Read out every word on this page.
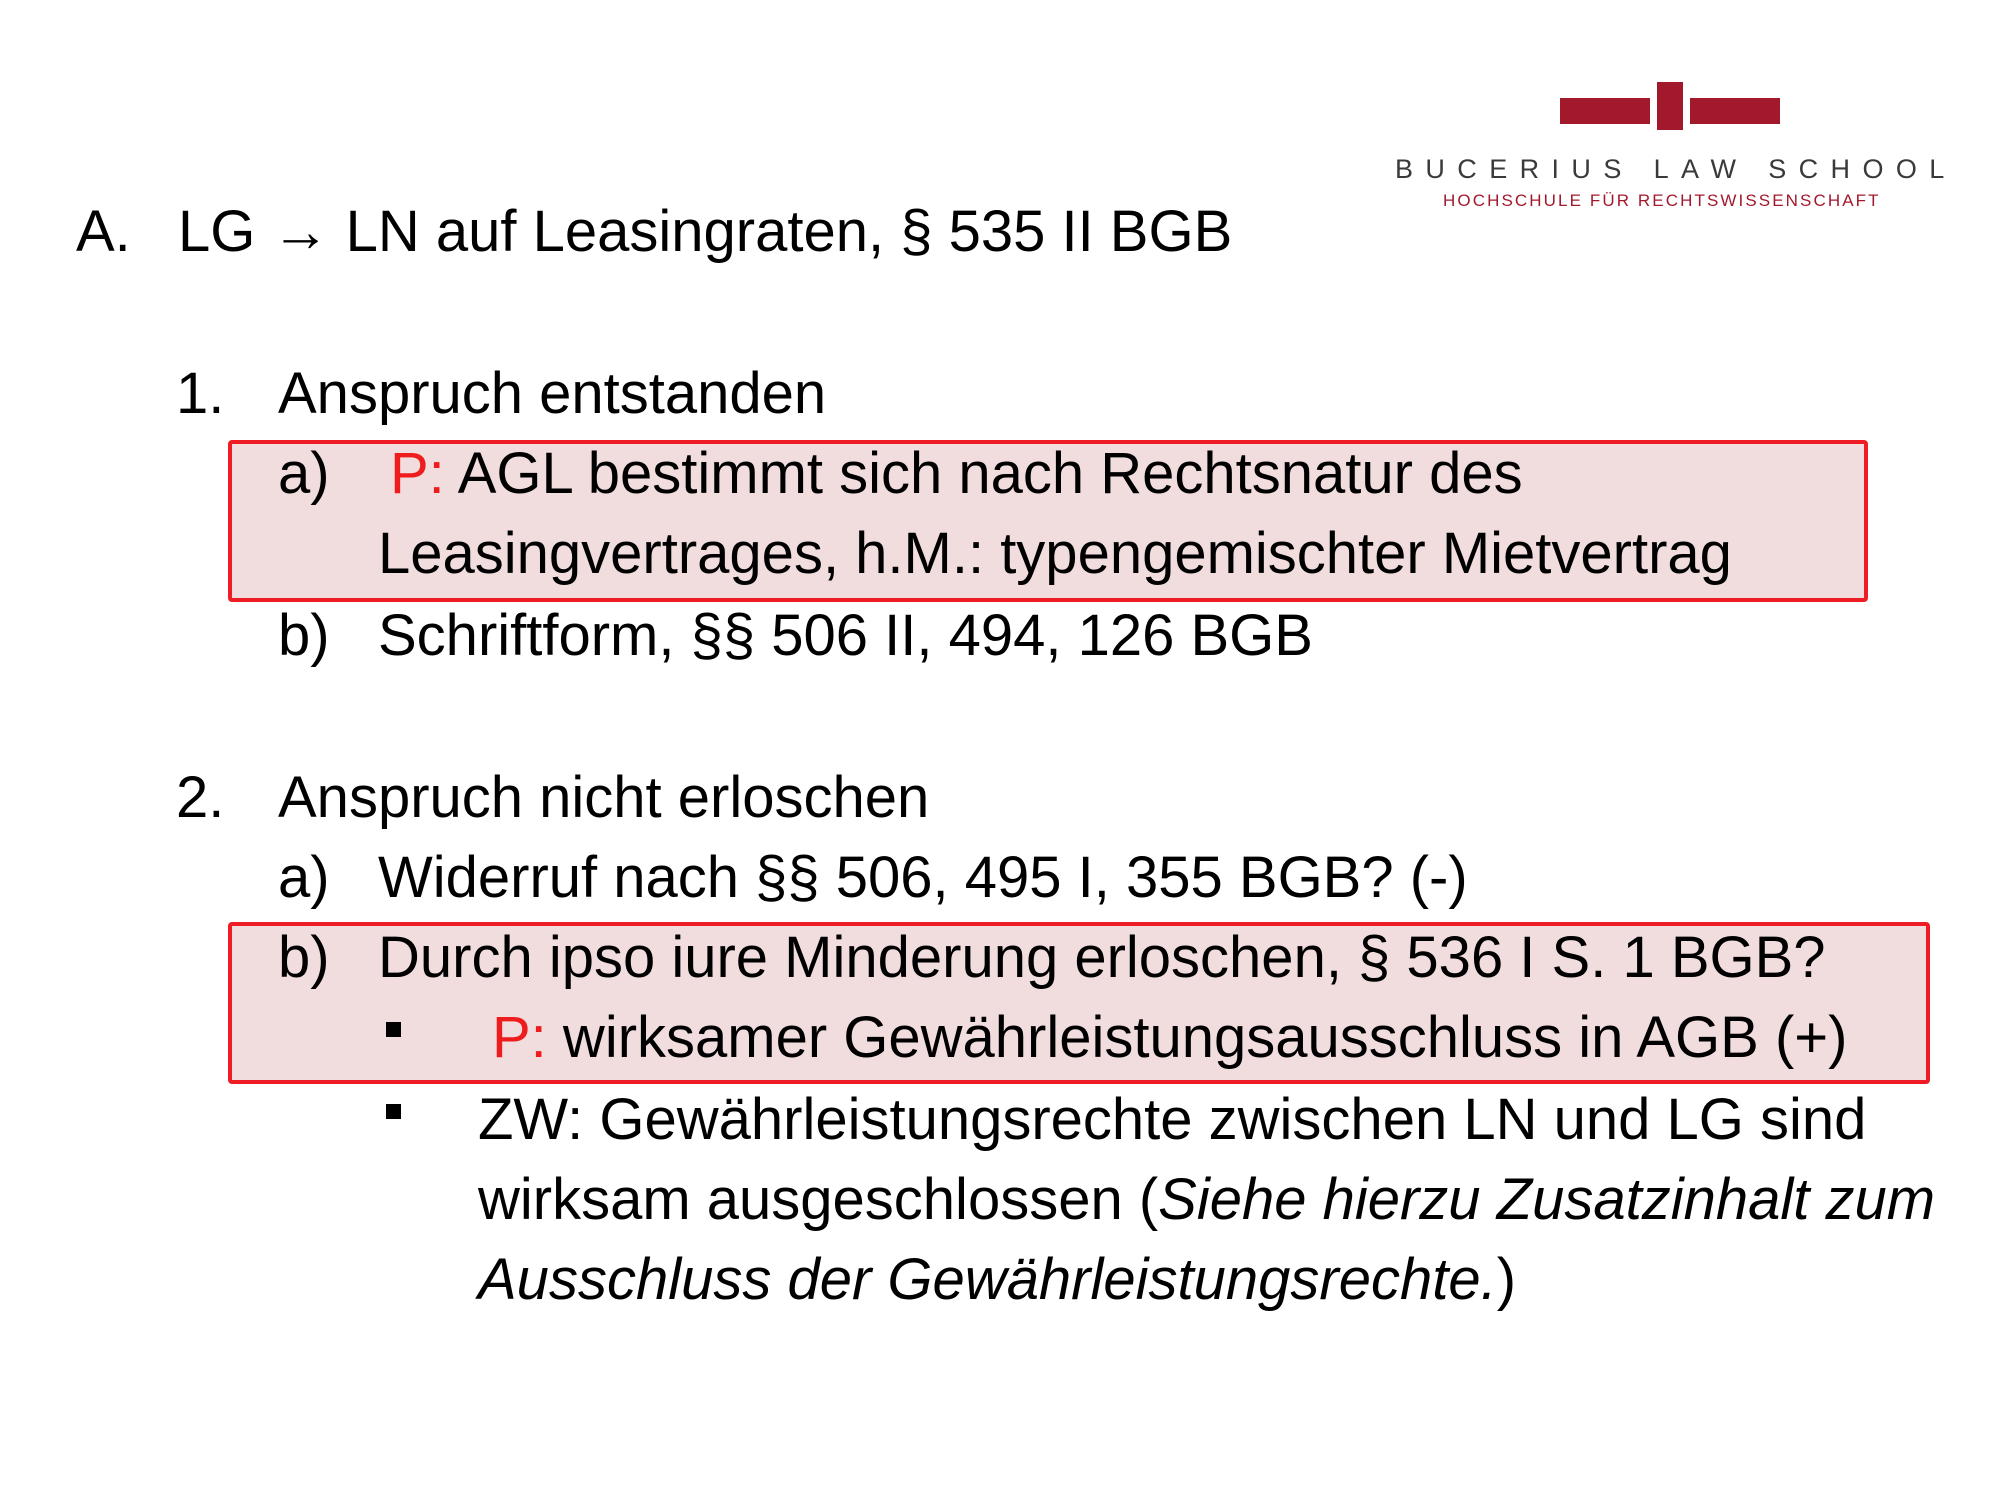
BUCERIUS LAW SCHOOL
HOCHSCHULE FÜR RECHTSWISSENSCHAFT
A. LG → LN auf Leasingraten, § 535 II BGB
1. Anspruch entstanden
a) P: AGL bestimmt sich nach Rechtsnatur des
Leasingvertrages, h.M.: typengemischter Mietvertrag
b) Schriftform, §§ 506 II, 494, 126 BGB
2. Anspruch nicht erloschen
a) Widerruf nach §§ 506, 495 I, 355 BGB? (-)
b) Durch ipso iure Minderung erloschen, § 536 I S. 1 BGB?
P: wirksamer Gewährleistungsausschluss in AGB (+)
ZW: Gewährleistungsrechte zwischen LN und LG sind
wirksam ausgeschlossen (Siehe hierzu Zusatzinhalt zum
Ausschluss der Gewährleistungsrechte.)
